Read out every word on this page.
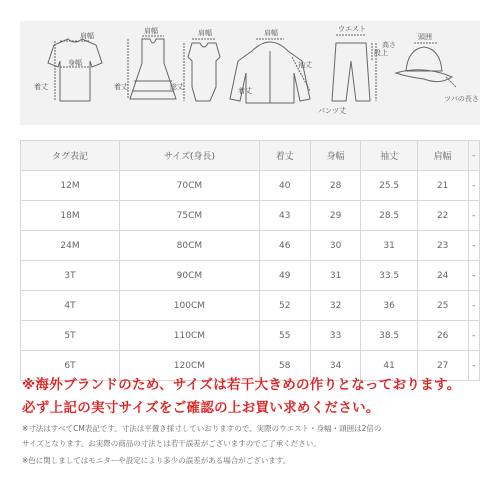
肩幅
身幅
着丈
肩幅
着丈
肩幅
総丈
肩幅
袖丈
着丈
ウエスト
股上
パンツ丈
頭囲
高さ
ツバの長さ
タグ表記	サイズ(身長)	着丈	身幅	袖丈	肩幅	-
12M	70CM	40	28	25.5	21	-
18M	75CM	43	29	28.5	22	-
24M	80CM	46	30	31	23	-
3T	90CM	49	31	33.5	24	-
4T	100CM	52	32	36	25	-
5T	110CM	55	33	38.5	26	-
6T	120CM	58	34	41	27	-
※海外ブランドのため、サイズは若干大きめの作りとなっております。
必ず上記の実寸サイズをご確認の上お買い求めください。
※寸法はすべてCM表記です。寸法は平置き採寸していおりますので、実際のウエスト・身幅・頭囲は2倍の
サイズとなります。お実際の商品の寸法とは若干誤差がございますのでご了承ください。
※色に関しましてはモニターや設定により多少の誤差がある場合がございます。
